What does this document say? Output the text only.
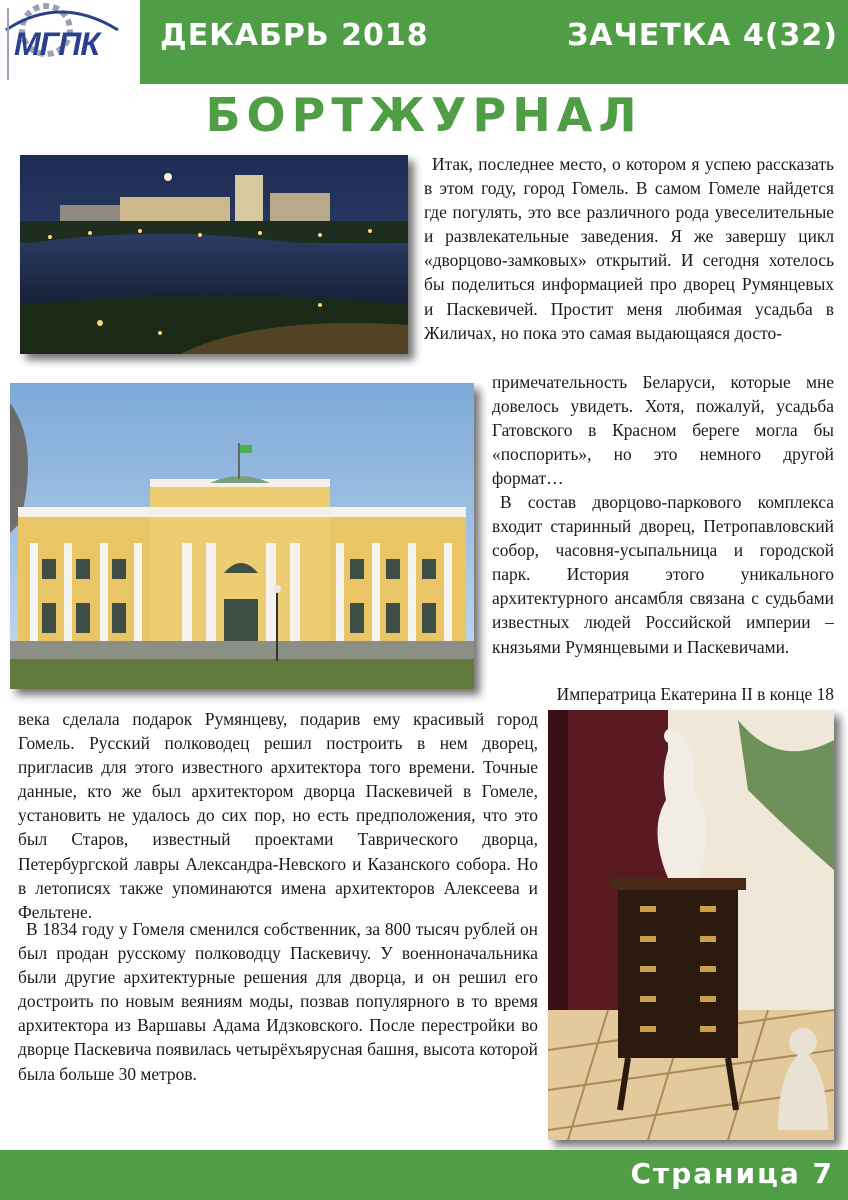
МГПК ДЕКАБРЬ 2018	ЗАЧЕТКА 4(32)
БОРТЖУРНАЛ

Итак, последнее место, о котором я успею рассказать в этом году, город Гомель. В самом Гомеле найдется где погулять, это все различного рода увеселительные и развлекательные заведения. Я же завершу цикл «дворцово-замковых» открытий. И сегодня хотелось бы поделиться информацией про дворец Румянцевых и Паскевичей. Простит меня любимая усадьба в Жиличах, но пока это самая выдающаяся досто-

примечательность Беларуси, которые мне довелось увидеть. Хотя, пожалуй, усадьба Гатовского в Красном береге могла бы «поспорить», но это немного другой формат…

В состав дворцово-паркового комплекса входит старинный дворец, Петропавловский собор, часовня-усыпальница и городской парк. История этого уникального архитектурного ансамбля связана с судьбами известных людей Российской империи – князьями Румянцевыми и Паскевичами.

Императрица Екатерина II в конце 18

века сделала подарок Румянцеву, подарив ему красивый город Гомель. Русский полководец решил построить в нем дворец, пригласив для этого известного архитектора того времени. Точные данные, кто же был архитектором дворца Паскевичей в Гомеле, установить не удалось до сих пор, но есть предположения, что это был Старов, известный проектами Таврического дворца, Петербургской лавры Александра-Невского и Казанского собора. Но в летописях также упоминаются имена архитекторов Алексеева и Фельтене.

В 1834 году у Гомеля сменился собственник, за 800 тысяч рублей он был продан русскому полководцу Паскевичу. У военноначальника были другие архитектурные решения для дворца, и он решил его достроить по новым веяниям моды, позвав популярного в то время архитектора из Варшавы Адама Идзковского. После перестройки во дворце Паскевича появилась четырёхъярусная башня, высота которой была больше 30 метров.

Страница 7
